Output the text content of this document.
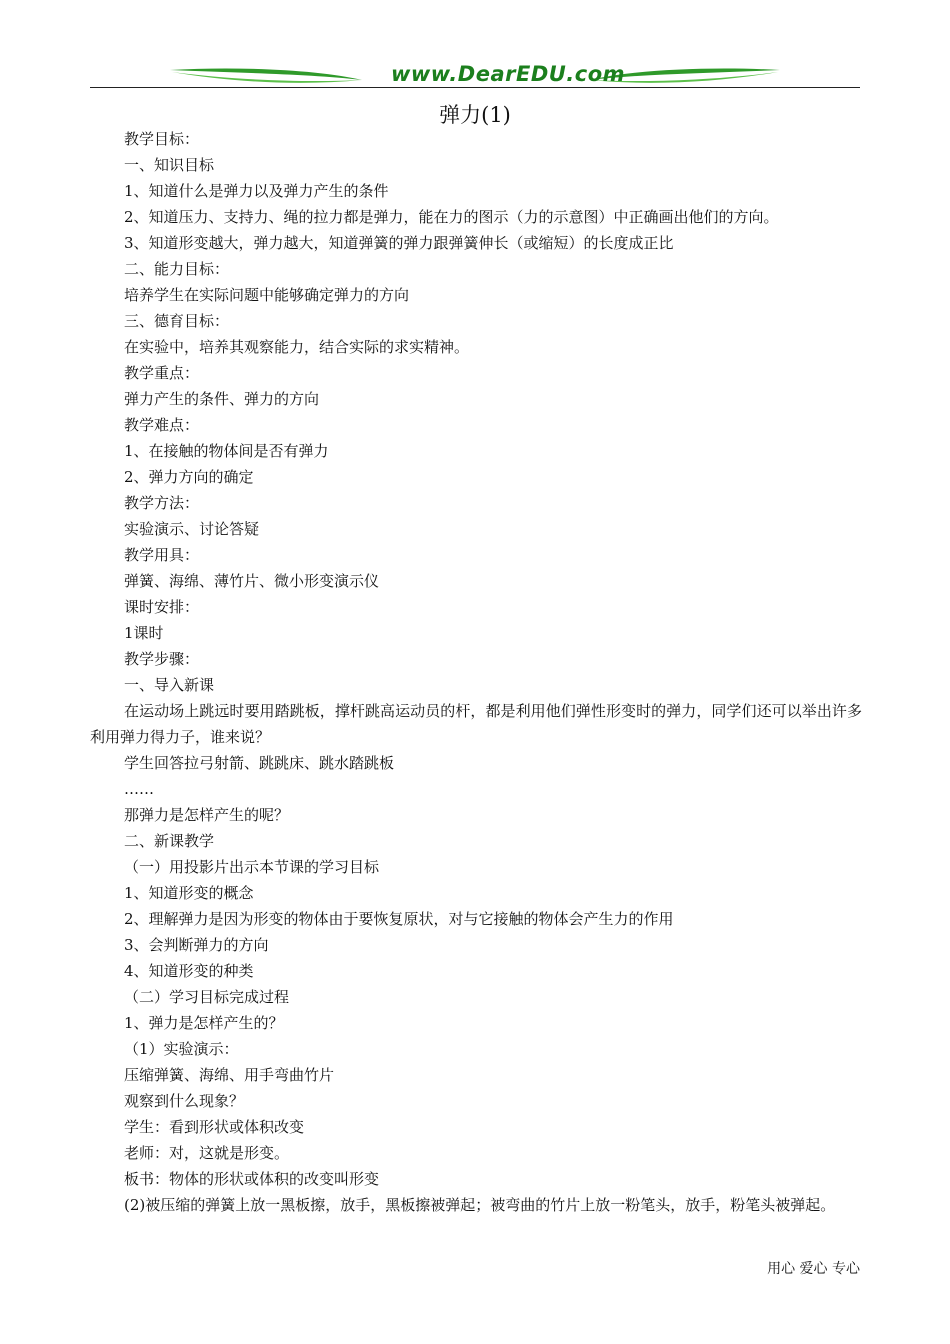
www.DearEDU.com
弹力(1)
教学目标：
一、知识目标
1、知道什么是弹力以及弹力产生的条件
2、知道压力、支持力、绳的拉力都是弹力，能在力的图示（力的示意图）中正确画出他们的方向。
3、知道形变越大，弹力越大，知道弹簧的弹力跟弹簧伸长（或缩短）的长度成正比
二、能力目标：
培养学生在实际问题中能够确定弹力的方向
三、德育目标：
在实验中，培养其观察能力，结合实际的求实精神。
教学重点：
弹力产生的条件、弹力的方向
教学难点：
1、在接触的物体间是否有弹力
2、弹力方向的确定
教学方法：
实验演示、讨论答疑
教学用具：
弹簧、海绵、薄竹片、微小形变演示仪
课时安排：
1课时
教学步骤：
一、导入新课
在运动场上跳远时要用踏跳板，撑杆跳高运动员的杆，都是利用他们弹性形变时的弹力，同学们还可以举出许多利用弹力得力子，谁来说？
学生回答拉弓射箭、跳跳床、跳水踏跳板
……
那弹力是怎样产生的呢？
二、新课教学
（一）用投影片出示本节课的学习目标
1、知道形变的概念
2、理解弹力是因为形变的物体由于要恢复原状，对与它接触的物体会产生力的作用
3、会判断弹力的方向
4、知道形变的种类
（二）学习目标完成过程
1、弹力是怎样产生的？
（1）实验演示：
压缩弹簧、海绵、用手弯曲竹片
观察到什么现象？
学生：看到形状或体积改变
老师：对，这就是形变。
板书：物体的形状或体积的改变叫形变
(2)被压缩的弹簧上放一黑板擦，放手，黑板擦被弹起；被弯曲的竹片上放一粉笔头，放手，粉笔头被弹起。
用心 爱心 专心
